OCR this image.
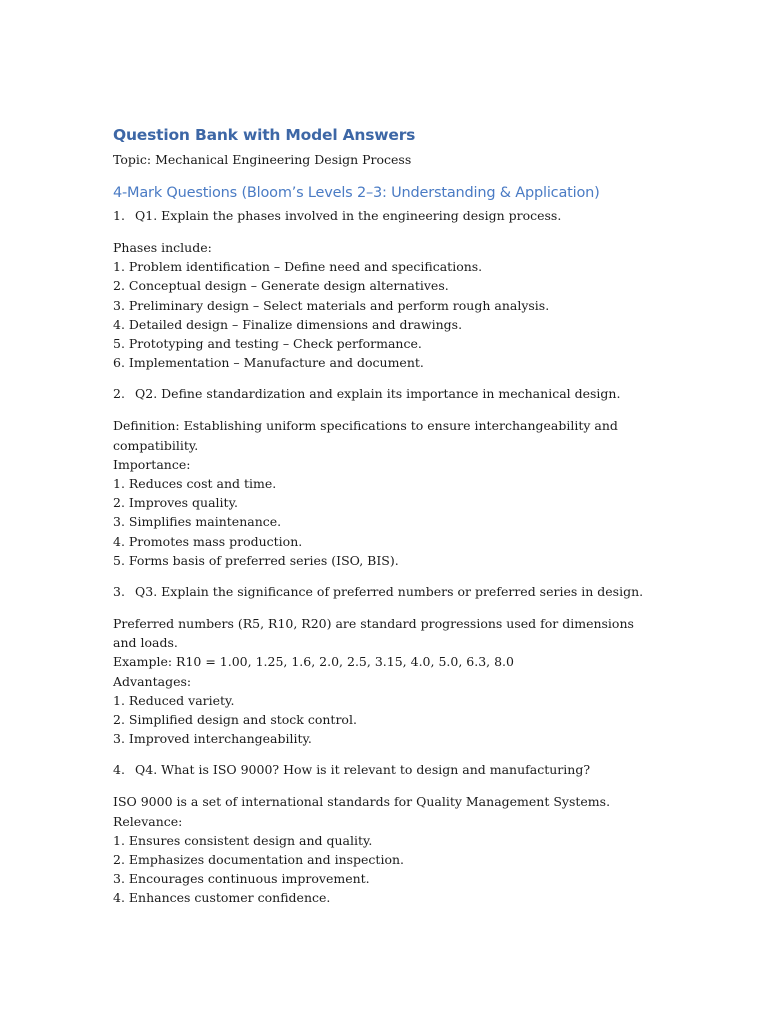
Question Bank with Model Answers

Topic: Mechanical Engineering Design Process

4-Mark Questions (Bloom’s Levels 2–3: Understanding & Application)
1. Q1. Explain the phases involved in the engineering design process.
Phases include:
1. Problem identification – Define need and specifications.
2. Conceptual design – Generate design alternatives.
3. Preliminary design – Select materials and perform rough analysis.
4. Detailed design – Finalize dimensions and drawings.
5. Prototyping and testing – Check performance.
6. Implementation – Manufacture and document.
2. Q2. Define standardization and explain its importance in mechanical design.
Definition: Establishing uniform specifications to ensure interchangeability and compatibility.
Importance:
1. Reduces cost and time.
2. Improves quality.
3. Simplifies maintenance.
4. Promotes mass production.
5. Forms basis of preferred series (ISO, BIS).
3. Q3. Explain the significance of preferred numbers or preferred series in design.
Preferred numbers (R5, R10, R20) are standard progressions used for dimensions and loads.
Example: R10 = 1.00, 1.25, 1.6, 2.0, 2.5, 3.15, 4.0, 5.0, 6.3, 8.0
Advantages:
1. Reduced variety.
2. Simplified design and stock control.
3. Improved interchangeability.
4. Q4. What is ISO 9000? How is it relevant to design and manufacturing?
ISO 9000 is a set of international standards for Quality Management Systems.
Relevance:
1. Ensures consistent design and quality.
2. Emphasizes documentation and inspection.
3. Encourages continuous improvement.
4. Enhances customer confidence.
